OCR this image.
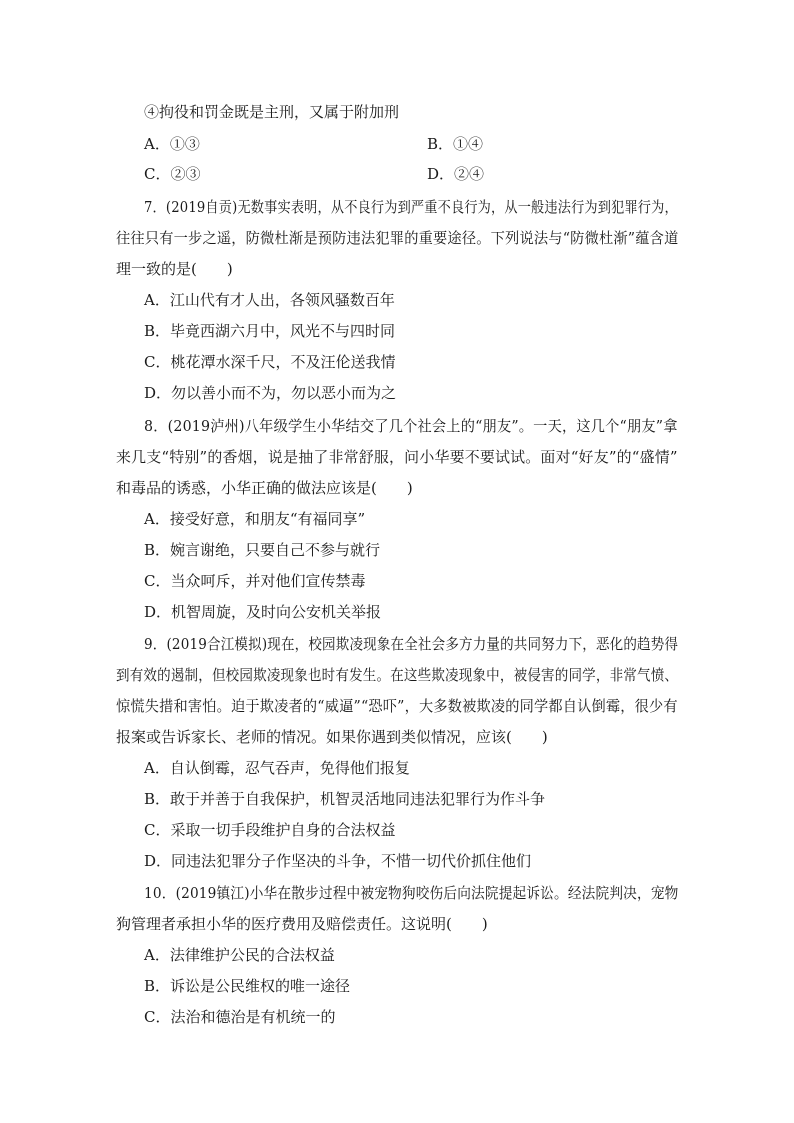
④拘役和罚金既是主刑，又属于附加刑
A．①③	B．①④
C．②③	D．②④
7．(2019自贡)无数事实表明，从不良行为到严重不良行为，从一般违法行为到犯罪行为，
往往只有一步之遥，防微杜渐是预防违法犯罪的重要途径。下列说法与“防微杜渐”蕴含道
理一致的是(　　)
A．江山代有才人出，各领风骚数百年
B．毕竟西湖六月中，风光不与四时同
C．桃花潭水深千尺，不及汪伦送我情
D．勿以善小而不为，勿以恶小而为之
8．(2019泸州)八年级学生小华结交了几个社会上的“朋友”。一天，这几个“朋友”拿
来几支“特别”的香烟，说是抽了非常舒服，问小华要不要试试。面对“好友”的“盛情”
和毒品的诱惑，小华正确的做法应该是(　　)
A．接受好意，和朋友“有福同享”
B．婉言谢绝，只要自己不参与就行
C．当众呵斥，并对他们宣传禁毒
D．机智周旋，及时向公安机关举报
9．(2019合江模拟)现在，校园欺凌现象在全社会多方力量的共同努力下，恶化的趋势得
到有效的遏制，但校园欺凌现象也时有发生。在这些欺凌现象中，被侵害的同学，非常气愤、
惊慌失措和害怕。迫于欺凌者的“威逼”“恐吓”，大多数被欺凌的同学都自认倒霉，很少有
报案或告诉家长、老师的情况。如果你遇到类似情况，应该(　　)
A．自认倒霉，忍气吞声，免得他们报复
B．敢于并善于自我保护，机智灵活地同违法犯罪行为作斗争
C．采取一切手段维护自身的合法权益
D．同违法犯罪分子作坚决的斗争，不惜一切代价抓住他们
10．(2019镇江)小华在散步过程中被宠物狗咬伤后向法院提起诉讼。经法院判决，宠物
狗管理者承担小华的医疗费用及赔偿责任。这说明(　　)
A．法律维护公民的合法权益
B．诉讼是公民维权的唯一途径
C．法治和德治是有机统一的
